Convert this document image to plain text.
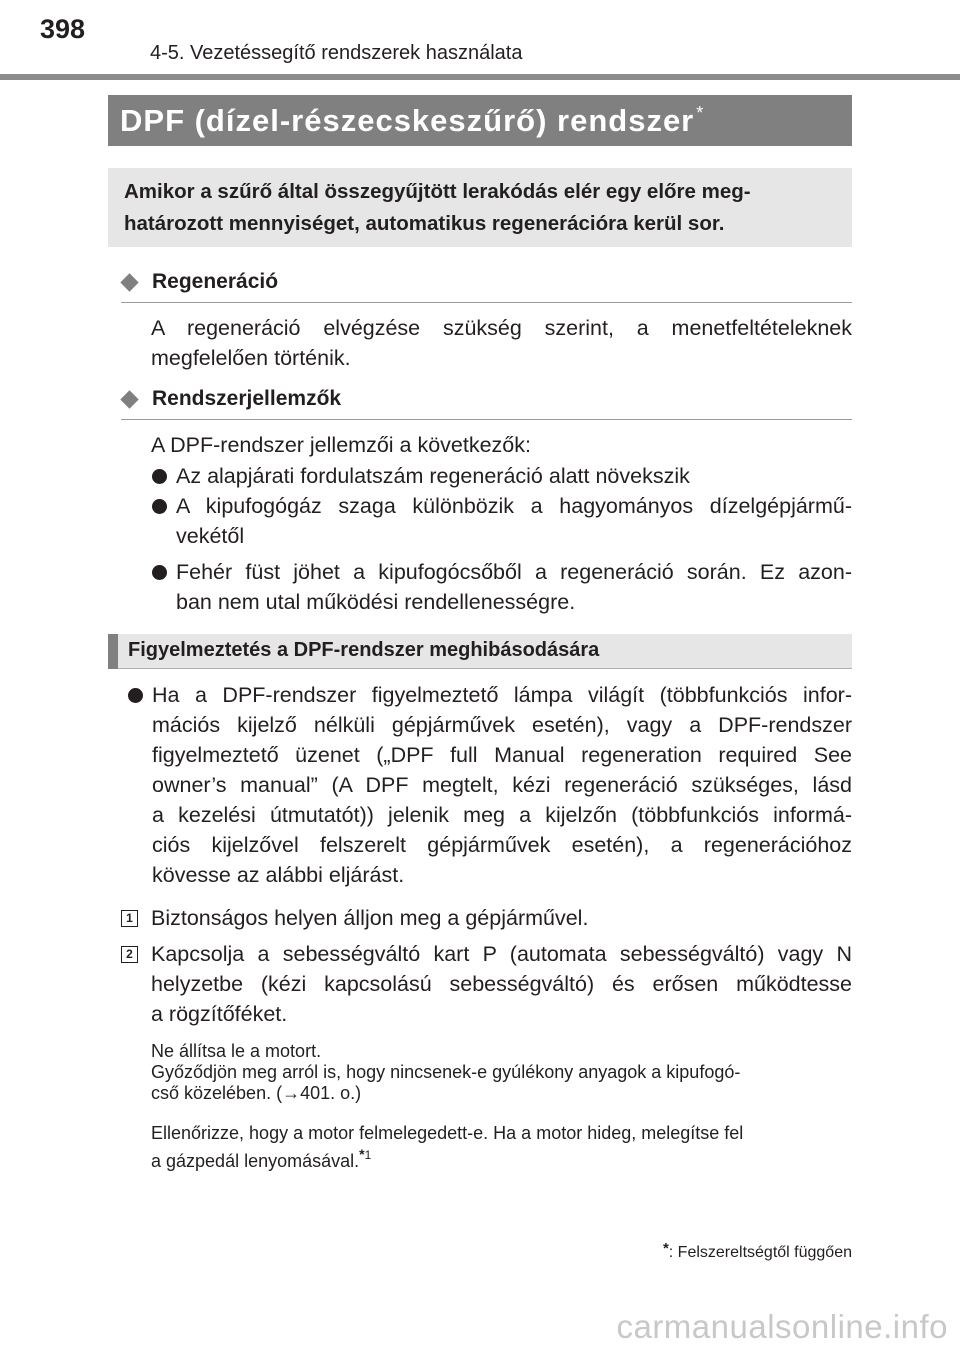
398
4-5. Vezetéssegítő rendszerek használata
DPF (dízel-részecskeszűrő) rendszer *
Amikor a szűrő által összegyűjtött lerakódás elér egy előre meg-
határozott mennyiséget, automatikus regenerációra kerül sor.
Regeneráció
A regeneráció elvégzése szükség szerint, a menetfeltételeknek
megfelelően történik.
Rendszerjellemzők
A DPF-rendszer jellemzői a következők:
Az alapjárati fordulatszám regeneráció alatt növekszik
A kipufogógáz szaga különbözik a hagyományos dízelgépjármű-
vekétől
Fehér füst jöhet a kipufogócsőből a regeneráció során. Ez azon-
ban nem utal működési rendellenességre.
Figyelmeztetés a DPF-rendszer meghibásodására
Ha a DPF-rendszer figyelmeztető lámpa világít (többfunkciós infor-
mációs kijelző nélküli gépjárművek esetén), vagy a DPF-rendszer
figyelmeztető üzenet („DPF full Manual regeneration required See
owner’s manual” (A DPF megtelt, kézi regeneráció szükséges, lásd
a kezelési útmutatót)) jelenik meg a kijelzőn (többfunkciós informá-
ciós kijelzővel felszerelt gépjárművek esetén), a regenerációhoz
kövesse az alábbi eljárást.
1 Biztonságos helyen álljon meg a gépjárművel.
2 Kapcsolja a sebességváltó kart P (automata sebességváltó) vagy N
helyzetbe (kézi kapcsolású sebességváltó) és erősen működtesse
a rögzítőféket.
Ne állítsa le a motort.
Győződjön meg arról is, hogy nincsenek-e gyúlékony anyagok a kipufogó-
cső közelében. (→401. o.)
Ellenőrizze, hogy a motor felmelegedett-e. Ha a motor hideg, melegítse fel
a gázpedál lenyomásával.$^{*1}$
*: Felszereltségtől függően
carmanualsonline.info
